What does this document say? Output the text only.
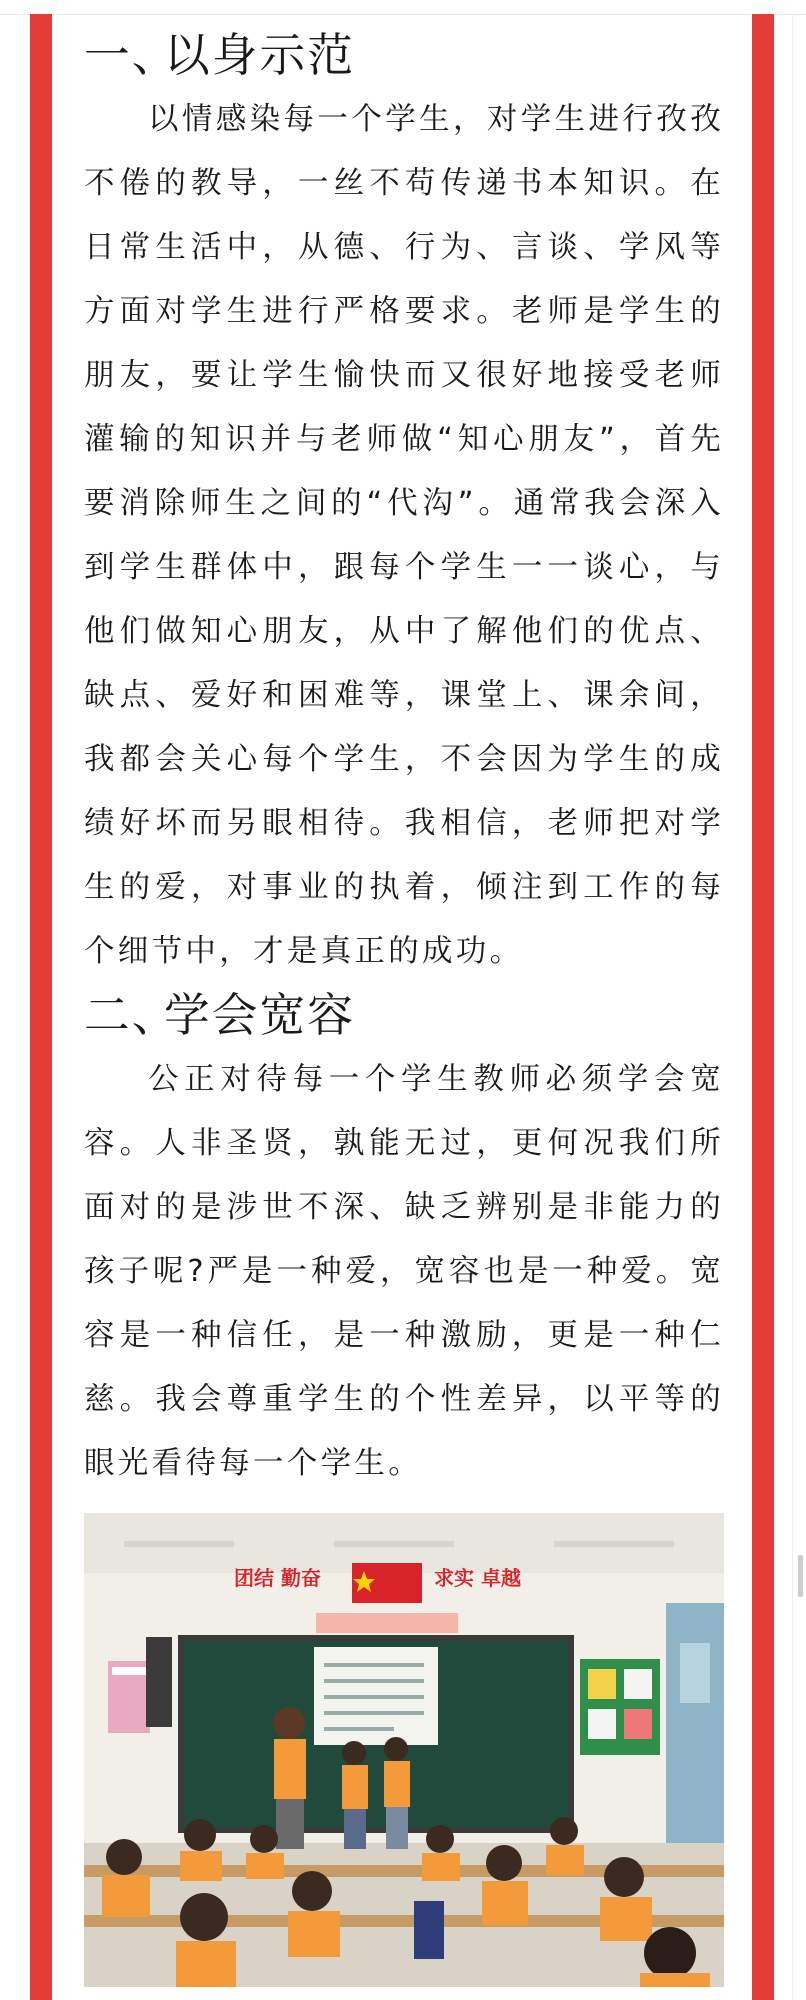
一、以身示范

以情感染每一个学生，对学生进行孜孜不倦的教导，一丝不苟传递书本知识。在日常生活中，从德、行为、言谈、学风等方面对学生进行严格要求。老师是学生的朋友，要让学生愉快而又很好地接受老师灌输的知识并与老师做“知心朋友”，首先要消除师生之间的“代沟”。通常我会深入到学生群体中，跟每个学生一一谈心，与他们做知心朋友，从中了解他们的优点、缺点、爱好和困难等，课堂上、课余间，我都会关心每个学生，不会因为学生的成绩好坏而另眼相待。我相信，老师把对学生的爱，对事业的执着，倾注到工作的每个细节中，才是真正的成功。

二、学会宽容

公正对待每一个学生教师必须学会宽容。人非圣贤，孰能无过，更何况我们所面对的是涉世不深、缺乏辨别是非能力的孩子呢?严是一种爱，宽容也是一种爱。宽容是一种信任，是一种激励，更是一种仁慈。我会尊重学生的个性差异，以平等的眼光看待每一个学生。

团结 勤奋	求实 卓越
